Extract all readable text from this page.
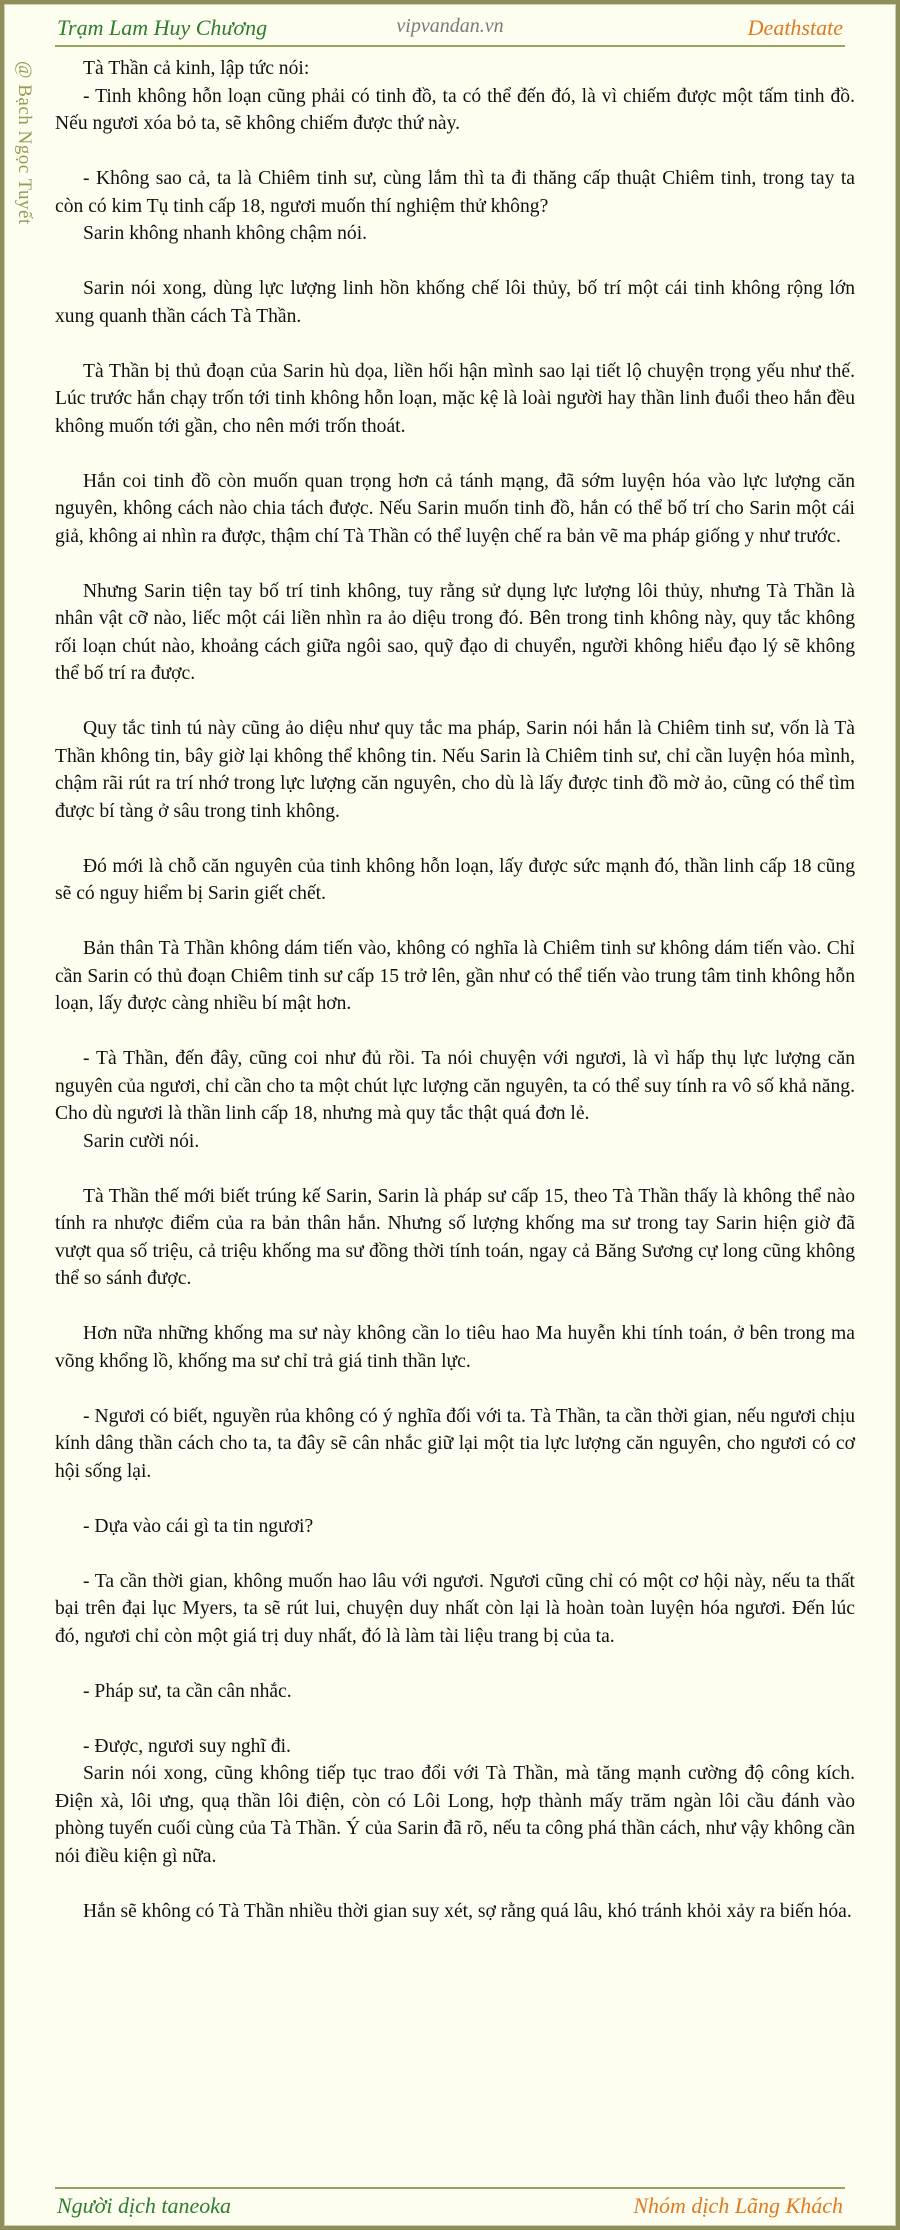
Trạm Lam Huy Chương	vipvandan.vn	Deathstate
@ Bạch Ngọc Tuyết	Tà Thần cả kinh, lập tức nói:

- Tinh không hỗn loạn cũng phải có tinh đồ, ta có thể đến đó, là vì chiếm được một tấm tinh đồ. Nếu ngươi xóa bỏ ta, sẽ không chiếm được thứ này.

- Không sao cả, ta là Chiêm tinh sư, cùng lắm thì ta đi thăng cấp thuật Chiêm tinh, trong tay ta còn có kim Tụ tinh cấp 18, ngươi muốn thí nghiệm thử không?

Sarin không nhanh không chậm nói.

Sarin nói xong, dùng lực lượng linh hồn khống chế lôi thủy, bố trí một cái tinh không rộng lớn xung quanh thần cách Tà Thần.

Tà Thần bị thủ đoạn của Sarin hù dọa, liền hối hận mình sao lại tiết lộ chuyện trọng yếu như thế. Lúc trước hắn chạy trốn tới tinh không hỗn loạn, mặc kệ là loài người hay thần linh đuổi theo hắn đều không muốn tới gần, cho nên mới trốn thoát.

Hắn coi tinh đồ còn muốn quan trọng hơn cả tánh mạng, đã sớm luyện hóa vào lực lượng căn nguyên, không cách nào chia tách được. Nếu Sarin muốn tinh đồ, hắn có thể bố trí cho Sarin một cái giả, không ai nhìn ra được, thậm chí Tà Thần có thể luyện chế ra bản vẽ ma pháp giống y như trước.

Nhưng Sarin tiện tay bố trí tinh không, tuy rằng sử dụng lực lượng lôi thủy, nhưng Tà Thần là nhân vật cỡ nào, liếc một cái liền nhìn ra ảo diệu trong đó. Bên trong tinh không này, quy tắc không rối loạn chút nào, khoảng cách giữa ngôi sao, quỹ đạo di chuyển, người không hiểu đạo lý sẽ không thể bố trí ra được.

Quy tắc tinh tú này cũng ảo diệu như quy tắc ma pháp, Sarin nói hắn là Chiêm tinh sư, vốn là Tà Thần không tin, bây giờ lại không thể không tin. Nếu Sarin là Chiêm tinh sư, chỉ cần luyện hóa mình, chậm rãi rút ra trí nhớ trong lực lượng căn nguyên, cho dù là lấy được tinh đồ mờ ảo, cũng có thể tìm được bí tàng ở sâu trong tinh không.

Đó mới là chỗ căn nguyên của tinh không hỗn loạn, lấy được sức mạnh đó, thần linh cấp 18 cũng sẽ có nguy hiểm bị Sarin giết chết.

Bản thân Tà Thần không dám tiến vào, không có nghĩa là Chiêm tinh sư không dám tiến vào. Chỉ cần Sarin có thủ đoạn Chiêm tinh sư cấp 15 trở lên, gần như có thể tiến vào trung tâm tinh không hỗn loạn, lấy được càng nhiều bí mật hơn.

- Tà Thần, đến đây, cũng coi như đủ rồi. Ta nói chuyện với ngươi, là vì hấp thụ lực lượng căn nguyên của ngươi, chỉ cần cho ta một chút lực lượng căn nguyên, ta có thể suy tính ra vô số khả năng. Cho dù ngươi là thần linh cấp 18, nhưng mà quy tắc thật quá đơn lẻ.

Sarin cười nói.

Tà Thần thế mới biết trúng kế Sarin, Sarin là pháp sư cấp 15, theo Tà Thần thấy là không thể nào tính ra nhược điểm của ra bản thân hắn. Nhưng số lượng khống ma sư trong tay Sarin hiện giờ đã vượt qua số triệu, cả triệu khống ma sư đồng thời tính toán, ngay cả Băng Sương cự long cũng không thể so sánh được.

Hơn nữa những khống ma sư này không cần lo tiêu hao Ma huyễn khi tính toán, ở bên trong ma võng khổng lồ, khống ma sư chỉ trả giá tinh thần lực.

- Ngươi có biết, nguyền rủa không có ý nghĩa đối với ta. Tà Thần, ta cần thời gian, nếu ngươi chịu kính dâng thần cách cho ta, ta đây sẽ cân nhắc giữ lại một tia lực lượng căn nguyên, cho ngươi có cơ hội sống lại.

- Dựa vào cái gì ta tin ngươi?

- Ta cần thời gian, không muốn hao lâu với ngươi. Ngươi cũng chỉ có một cơ hội này, nếu ta thất bại trên đại lục Myers, ta sẽ rút lui, chuyện duy nhất còn lại là hoàn toàn luyện hóa ngươi. Đến lúc đó, ngươi chỉ còn một giá trị duy nhất, đó là làm tài liệu trang bị của ta.

- Pháp sư, ta cần cân nhắc.

- Được, ngươi suy nghĩ đi.

Sarin nói xong, cũng không tiếp tục trao đổi với Tà Thần, mà tăng mạnh cường độ công kích. Điện xà, lôi ưng, quạ thần lôi điện, còn có Lôi Long, hợp thành mấy trăm ngàn lôi cầu đánh vào phòng tuyến cuối cùng của Tà Thần. Ý của Sarin đã rõ, nếu ta công phá thần cách, như vậy không cần nói điều kiện gì nữa.

Hắn sẽ không có Tà Thần nhiều thời gian suy xét, sợ rằng quá lâu, khó tránh khỏi xảy ra biến hóa.

Người dịch taneoka	Nhóm dịch Lãng Khách
